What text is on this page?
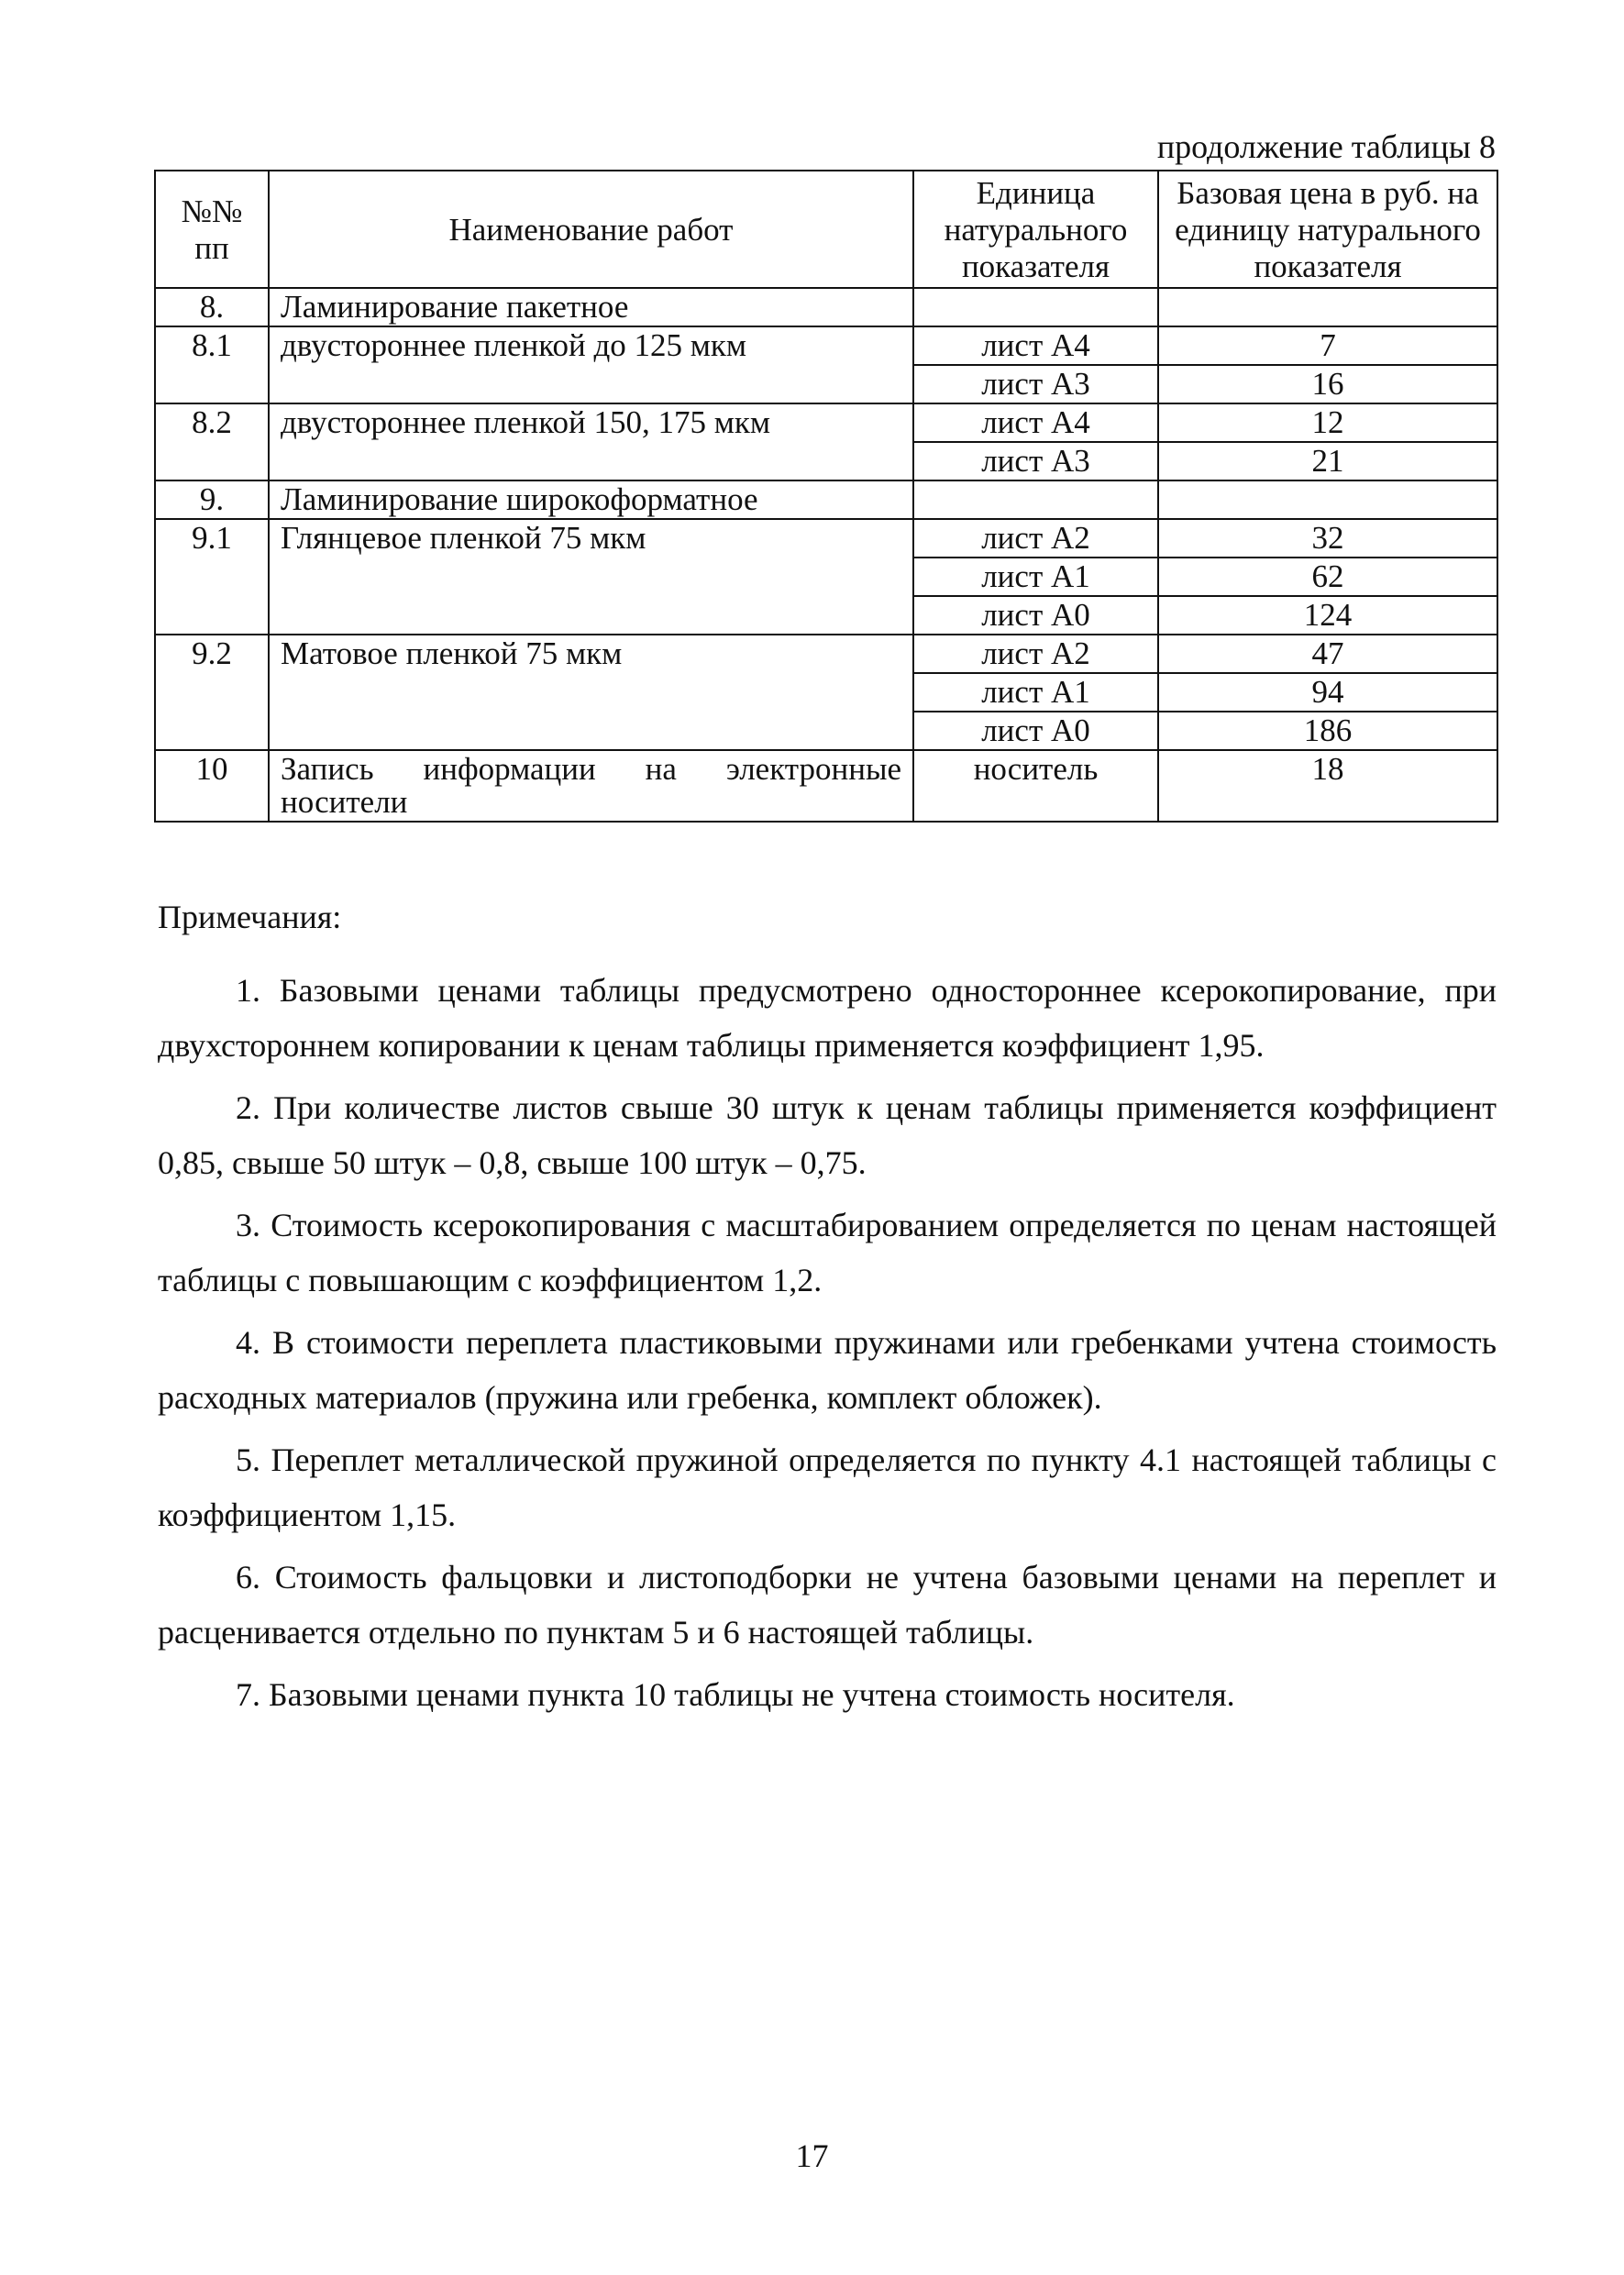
продолжение таблицы 8
№№ пп	Наименование работ	Единица натурального показателя	Базовая цена в руб. на единицу натурального показателя
8.	Ламинирование пакетное		
8.1	двустороннее пленкой до 125 мкм	лист А4	7
		лист А3	16
8.2	двустороннее пленкой 150, 175 мкм	лист А4	12
		лист А3	21
9.	Ламинирование широкоформатное		
9.1	Глянцевое пленкой 75 мкм	лист А2	32
		лист А1	62
		лист А0	124
9.2	Матовое пленкой 75 мкм	лист А2	47
		лист А1	94
		лист А0	186
10	Запись информации на электронные носители	носитель	18
Примечания:

1. Базовыми ценами таблицы предусмотрено одностороннее ксерокопирование, при двухстороннем копировании к ценам таблицы применяется коэффициент 1,95.

2. При количестве листов свыше 30 штук к ценам таблицы применяется коэффициент 0,85, свыше 50 штук – 0,8, свыше 100 штук – 0,75.

3. Стоимость ксерокопирования с масштабированием определяется по ценам настоящей таблицы с повышающим с коэффициентом 1,2.

4. В стоимости переплета пластиковыми пружинами или гребенками учтена стоимость расходных материалов (пружина или гребенка, комплект обложек).

5. Переплет металлической пружиной определяется по пункту 4.1 настоящей таблицы с коэффициентом 1,15.

6. Стоимость фальцовки и листоподборки не учтена базовыми ценами на переплет и расценивается отдельно по пунктам 5 и 6 настоящей таблицы.

7. Базовыми ценами пункта 10 таблицы не учтена стоимость носителя.

17
